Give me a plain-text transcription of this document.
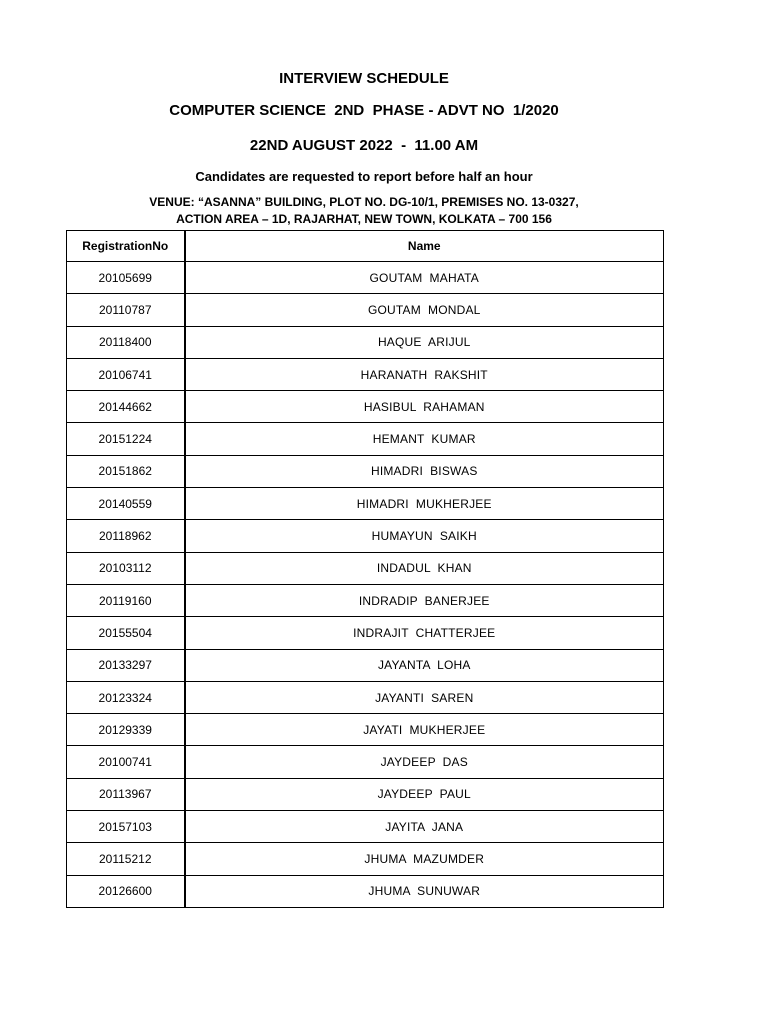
INTERVIEW SCHEDULE
COMPUTER SCIENCE  2ND  PHASE - ADVT NO  1/2020
22ND AUGUST 2022  -  11.00 AM
Candidates are requested to report before half an hour
VENUE: “ASANNA” BUILDING, PLOT NO. DG-10/1, PREMISES NO. 13-0327,
ACTION AREA – 1D, RAJARHAT, NEW TOWN, KOLKATA – 700 156
RegistrationNo	Name
20105699	GOUTAM  MAHATA
20110787	GOUTAM  MONDAL
20118400	HAQUE  ARIJUL
20106741	HARANATH  RAKSHIT
20144662	HASIBUL  RAHAMAN
20151224	HEMANT  KUMAR
20151862	HIMADRI  BISWAS
20140559	HIMADRI  MUKHERJEE
20118962	HUMAYUN  SAIKH
20103112	INDADUL  KHAN
20119160	INDRADIP  BANERJEE
20155504	INDRAJIT  CHATTERJEE
20133297	JAYANTA  LOHA
20123324	JAYANTI  SAREN
20129339	JAYATI  MUKHERJEE
20100741	JAYDEEP  DAS
20113967	JAYDEEP  PAUL
20157103	JAYITA  JANA
20115212	JHUMA  MAZUMDER
20126600	JHUMA  SUNUWAR
